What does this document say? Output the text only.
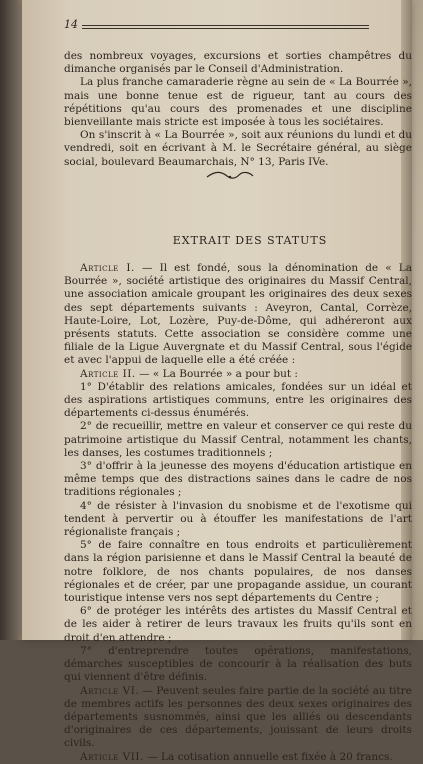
14

des nombreux voyages, excursions et sorties champêtres du dimanche organisés par le Conseil d'Administration.

La plus franche camaraderie règne au sein de « La Bourrée », mais une bonne tenue est de rigueur, tant au cours des répétitions qu'au cours des promenades et une discipline bienveillante mais stricte est imposée à tous les sociétaires.

On s'inscrit à « La Bourrée », soit aux réunions du lundi et du vendredi, soit en écrivant à M. le Secrétaire général, au siège social, boulevard Beaumarchais, N° 13, Paris IVe.

EXTRAIT DES STATUTS

Article I. — Il est fondé, sous la dénomination de « La Bourrée », société artistique des originaires du Massif Central, une association amicale groupant les originaires des deux sexes des sept départements suivants : Aveyron, Cantal, Corrèze, Haute-Loire, Lot, Lozère, Puy-de-Dôme, qui adhéreront aux présents statuts. Cette association se considère comme une filiale de la Ligue Auvergnate et du Massif Central, sous l'égide et avec l'appui de laquelle elle a été créée :

Article II. — « La Bourrée » a pour but :

1° D'établir des relations amicales, fondées sur un idéal et des aspirations artistiques communs, entre les originaires des départements ci-dessus énumérés.

2° de recueillir, mettre en valeur et conserver ce qui reste du patrimoine artistique du Massif Central, notamment les chants, les danses, les costumes traditionnels ;

3° d'offrir à la jeunesse des moyens d'éducation artistique en même temps que des distractions saines dans le cadre de nos traditions régionales ;

4° de résister à l'invasion du snobisme et de l'exotisme qui tendent à pervertir ou à étouffer les manifestations de l'art régionaliste français ;

5° de faire connaître en tous endroits et particulièrement dans la région parisienne et dans le Massif Central la beauté de notre folklore, de nos chants populaires, de nos danses régionales et de créer, par une propagande assidue, un courant touristique intense vers nos sept départements du Centre ;

6° de protéger les intérêts des artistes du Massif Central et de les aider à retirer de leurs travaux les fruits qu'ils sont en droit d'en attendre ;

7° d'entreprendre toutes opérations, manifestations, démarches susceptibles de concourir à la réalisation des buts qui viennent d'être définis.

Article VI. — Peuvent seules faire partie de la société au titre de membres actifs les personnes des deux sexes originaires des départements susnommés, ainsi que les alliés ou descendants d'originaires de ces départements, jouissant de leurs droits civils.

Article VII. — La cotisation annuelle est fixée à 20 francs.
